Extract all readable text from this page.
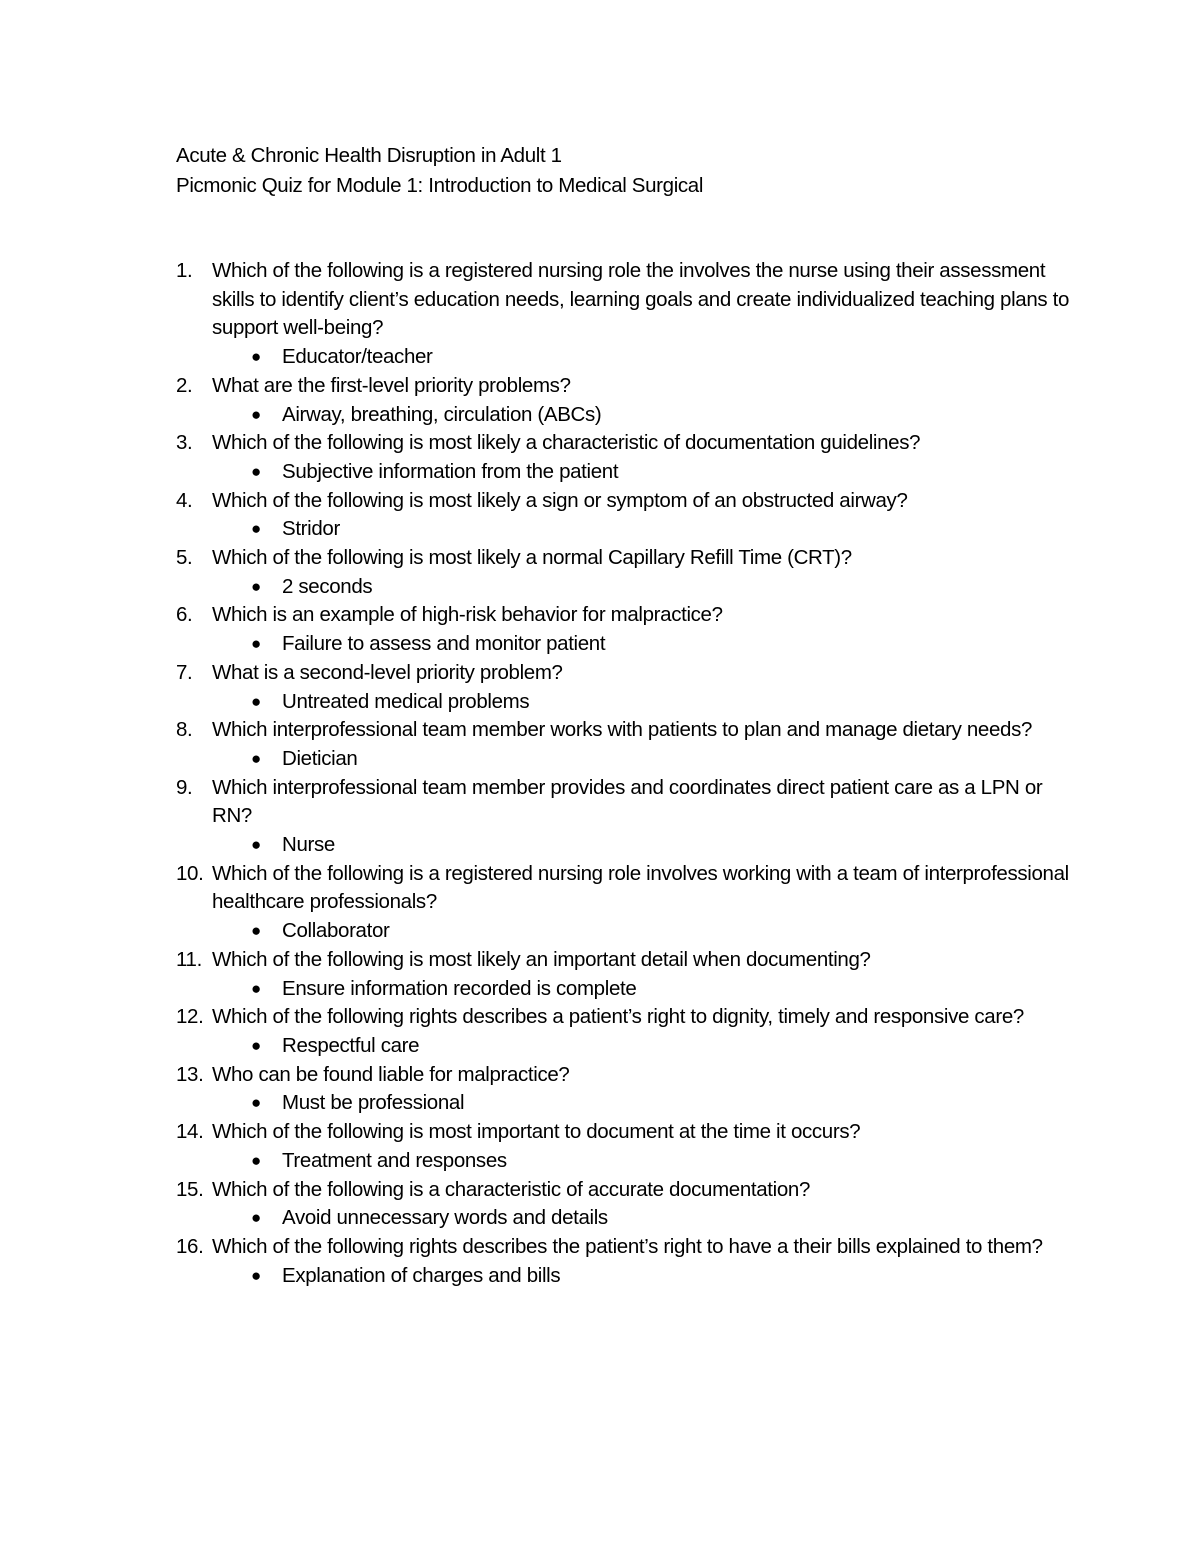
Acute & Chronic Health Disruption in Adult 1
Picmonic Quiz for Module 1: Introduction to Medical Surgical
1. Which of the following is a registered nursing role the involves the nurse using their assessment skills to identify client’s education needs, learning goals and create individualized teaching plans to support well-being?
● Educator/teacher
2. What are the first-level priority problems?
● Airway, breathing, circulation (ABCs)
3. Which of the following is most likely a characteristic of documentation guidelines?
● Subjective information from the patient
4. Which of the following is most likely a sign or symptom of an obstructed airway?
● Stridor
5. Which of the following is most likely a normal Capillary Refill Time (CRT)?
● 2 seconds
6. Which is an example of high-risk behavior for malpractice?
● Failure to assess and monitor patient
7. What is a second-level priority problem?
● Untreated medical problems
8. Which interprofessional team member works with patients to plan and manage dietary needs?
● Dietician
9. Which interprofessional team member provides and coordinates direct patient care as a LPN or RN?
● Nurse
10. Which of the following is a registered nursing role involves working with a team of interprofessional healthcare professionals?
● Collaborator
11. Which of the following is most likely an important detail when documenting?
● Ensure information recorded is complete
12. Which of the following rights describes a patient’s right to dignity, timely and responsive care?
● Respectful care
13. Who can be found liable for malpractice?
● Must be professional
14. Which of the following is most important to document at the time it occurs?
● Treatment and responses
15. Which of the following is a characteristic of accurate documentation?
● Avoid unnecessary words and details
16. Which of the following rights describes the patient’s right to have a their bills explained to them?
● Explanation of charges and bills
